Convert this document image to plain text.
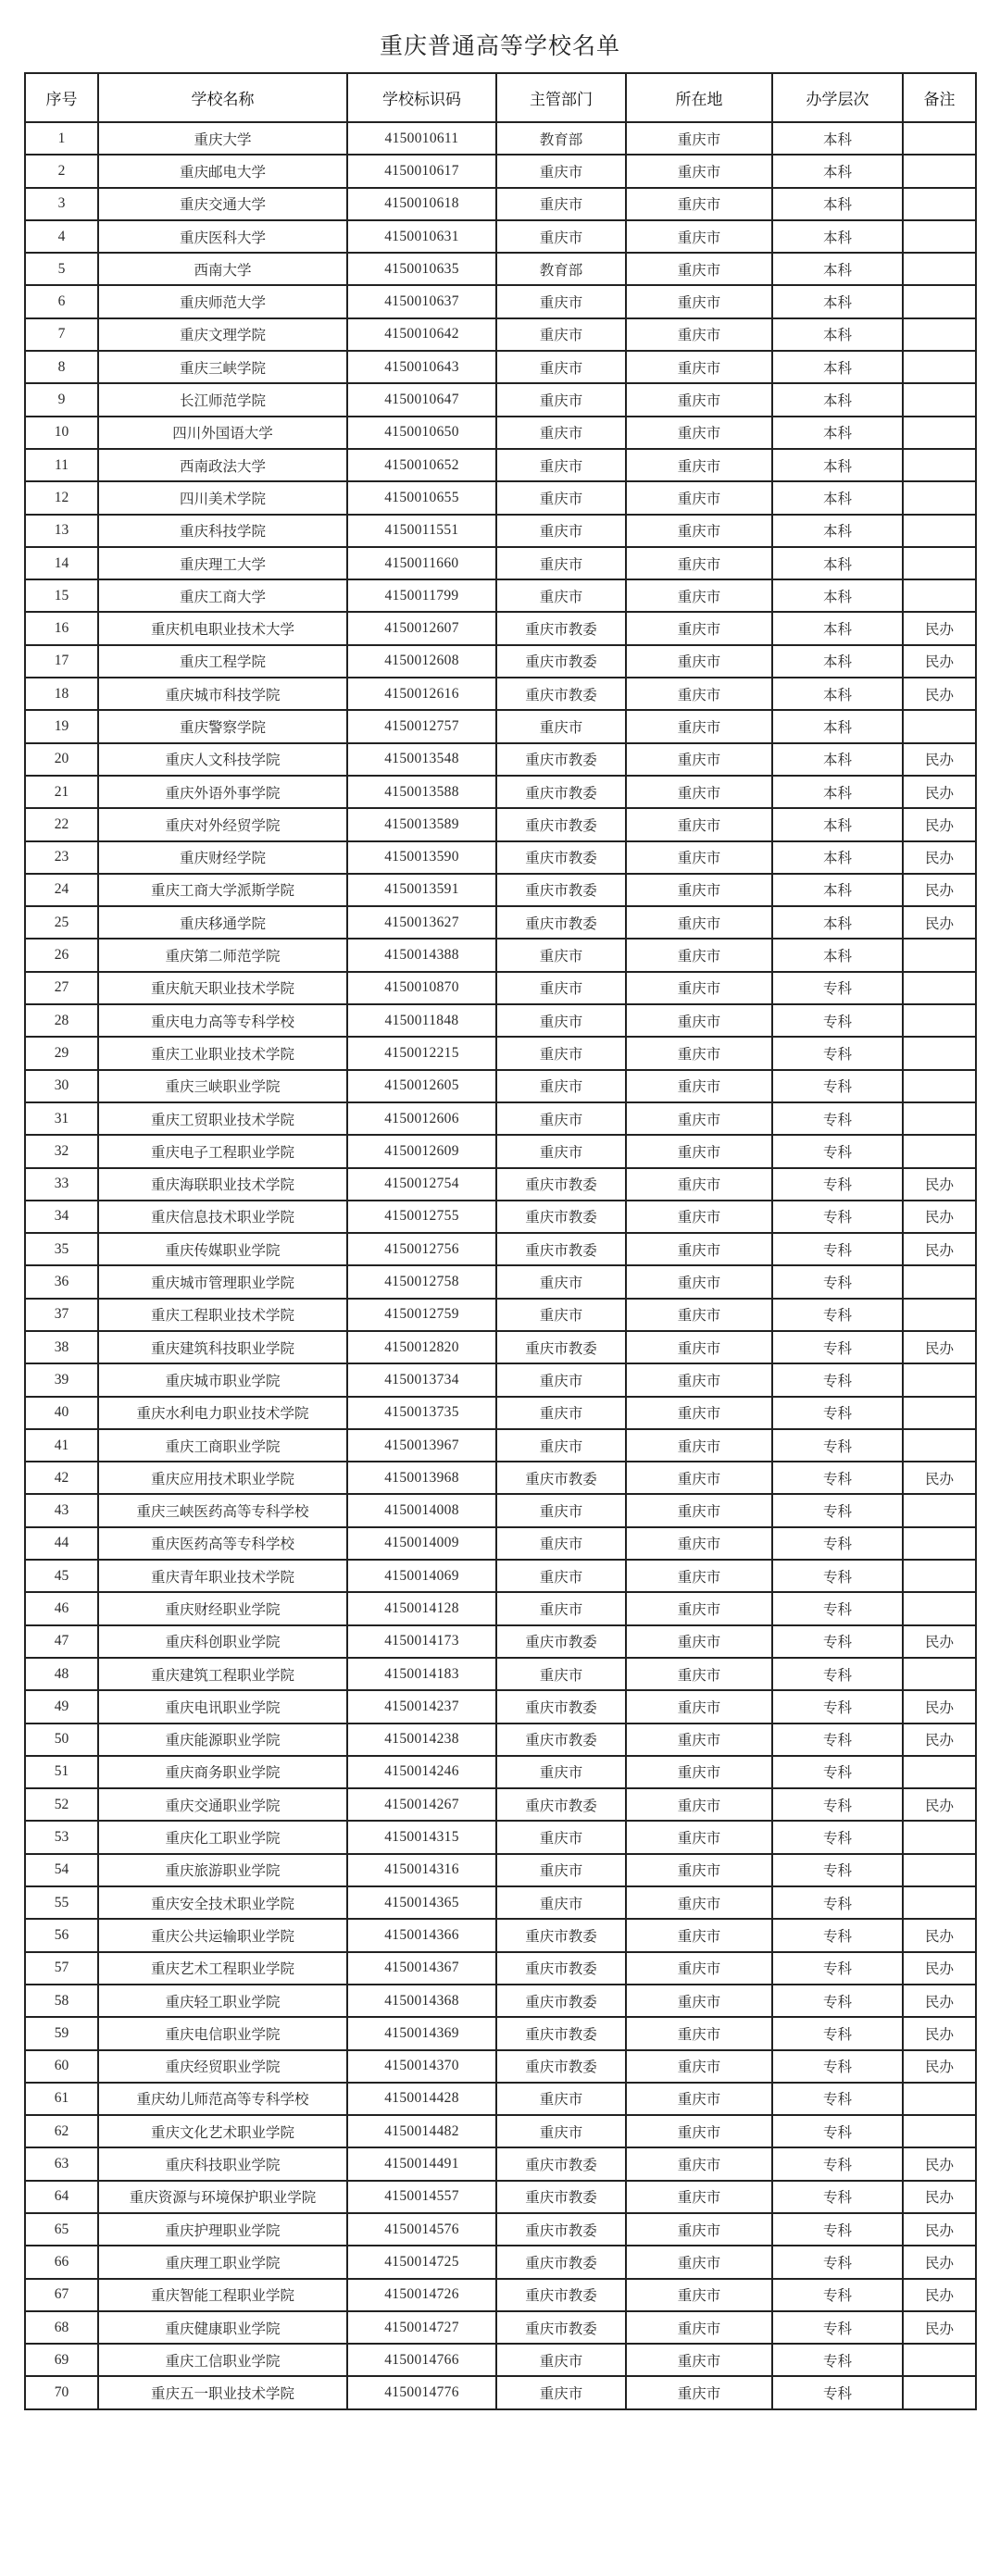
重庆普通高等学校名单
序号	学校名称	学校标识码	主管部门	所在地	办学层次	备注
1	重庆大学	4150010611	教育部	重庆市	本科	
2	重庆邮电大学	4150010617	重庆市	重庆市	本科	
3	重庆交通大学	4150010618	重庆市	重庆市	本科	
4	重庆医科大学	4150010631	重庆市	重庆市	本科	
5	西南大学	4150010635	教育部	重庆市	本科	
6	重庆师范大学	4150010637	重庆市	重庆市	本科	
7	重庆文理学院	4150010642	重庆市	重庆市	本科	
8	重庆三峡学院	4150010643	重庆市	重庆市	本科	
9	长江师范学院	4150010647	重庆市	重庆市	本科	
10	四川外国语大学	4150010650	重庆市	重庆市	本科	
11	西南政法大学	4150010652	重庆市	重庆市	本科	
12	四川美术学院	4150010655	重庆市	重庆市	本科	
13	重庆科技学院	4150011551	重庆市	重庆市	本科	
14	重庆理工大学	4150011660	重庆市	重庆市	本科	
15	重庆工商大学	4150011799	重庆市	重庆市	本科	
16	重庆机电职业技术大学	4150012607	重庆市教委	重庆市	本科	民办
17	重庆工程学院	4150012608	重庆市教委	重庆市	本科	民办
18	重庆城市科技学院	4150012616	重庆市教委	重庆市	本科	民办
19	重庆警察学院	4150012757	重庆市	重庆市	本科	
20	重庆人文科技学院	4150013548	重庆市教委	重庆市	本科	民办
21	重庆外语外事学院	4150013588	重庆市教委	重庆市	本科	民办
22	重庆对外经贸学院	4150013589	重庆市教委	重庆市	本科	民办
23	重庆财经学院	4150013590	重庆市教委	重庆市	本科	民办
24	重庆工商大学派斯学院	4150013591	重庆市教委	重庆市	本科	民办
25	重庆移通学院	4150013627	重庆市教委	重庆市	本科	民办
26	重庆第二师范学院	4150014388	重庆市	重庆市	本科	
27	重庆航天职业技术学院	4150010870	重庆市	重庆市	专科	
28	重庆电力高等专科学校	4150011848	重庆市	重庆市	专科	
29	重庆工业职业技术学院	4150012215	重庆市	重庆市	专科	
30	重庆三峡职业学院	4150012605	重庆市	重庆市	专科	
31	重庆工贸职业技术学院	4150012606	重庆市	重庆市	专科	
32	重庆电子工程职业学院	4150012609	重庆市	重庆市	专科	
33	重庆海联职业技术学院	4150012754	重庆市教委	重庆市	专科	民办
34	重庆信息技术职业学院	4150012755	重庆市教委	重庆市	专科	民办
35	重庆传媒职业学院	4150012756	重庆市教委	重庆市	专科	民办
36	重庆城市管理职业学院	4150012758	重庆市	重庆市	专科	
37	重庆工程职业技术学院	4150012759	重庆市	重庆市	专科	
38	重庆建筑科技职业学院	4150012820	重庆市教委	重庆市	专科	民办
39	重庆城市职业学院	4150013734	重庆市	重庆市	专科	
40	重庆水利电力职业技术学院	4150013735	重庆市	重庆市	专科	
41	重庆工商职业学院	4150013967	重庆市	重庆市	专科	
42	重庆应用技术职业学院	4150013968	重庆市教委	重庆市	专科	民办
43	重庆三峡医药高等专科学校	4150014008	重庆市	重庆市	专科	
44	重庆医药高等专科学校	4150014009	重庆市	重庆市	专科	
45	重庆青年职业技术学院	4150014069	重庆市	重庆市	专科	
46	重庆财经职业学院	4150014128	重庆市	重庆市	专科	
47	重庆科创职业学院	4150014173	重庆市教委	重庆市	专科	民办
48	重庆建筑工程职业学院	4150014183	重庆市	重庆市	专科	
49	重庆电讯职业学院	4150014237	重庆市教委	重庆市	专科	民办
50	重庆能源职业学院	4150014238	重庆市教委	重庆市	专科	民办
51	重庆商务职业学院	4150014246	重庆市	重庆市	专科	
52	重庆交通职业学院	4150014267	重庆市教委	重庆市	专科	民办
53	重庆化工职业学院	4150014315	重庆市	重庆市	专科	
54	重庆旅游职业学院	4150014316	重庆市	重庆市	专科	
55	重庆安全技术职业学院	4150014365	重庆市	重庆市	专科	
56	重庆公共运输职业学院	4150014366	重庆市教委	重庆市	专科	民办
57	重庆艺术工程职业学院	4150014367	重庆市教委	重庆市	专科	民办
58	重庆轻工职业学院	4150014368	重庆市教委	重庆市	专科	民办
59	重庆电信职业学院	4150014369	重庆市教委	重庆市	专科	民办
60	重庆经贸职业学院	4150014370	重庆市教委	重庆市	专科	民办
61	重庆幼儿师范高等专科学校	4150014428	重庆市	重庆市	专科	
62	重庆文化艺术职业学院	4150014482	重庆市	重庆市	专科	
63	重庆科技职业学院	4150014491	重庆市教委	重庆市	专科	民办
64	重庆资源与环境保护职业学院	4150014557	重庆市教委	重庆市	专科	民办
65	重庆护理职业学院	4150014576	重庆市教委	重庆市	专科	民办
66	重庆理工职业学院	4150014725	重庆市教委	重庆市	专科	民办
67	重庆智能工程职业学院	4150014726	重庆市教委	重庆市	专科	民办
68	重庆健康职业学院	4150014727	重庆市教委	重庆市	专科	民办
69	重庆工信职业学院	4150014766	重庆市	重庆市	专科	
70	重庆五一职业技术学院	4150014776	重庆市	重庆市	专科	
